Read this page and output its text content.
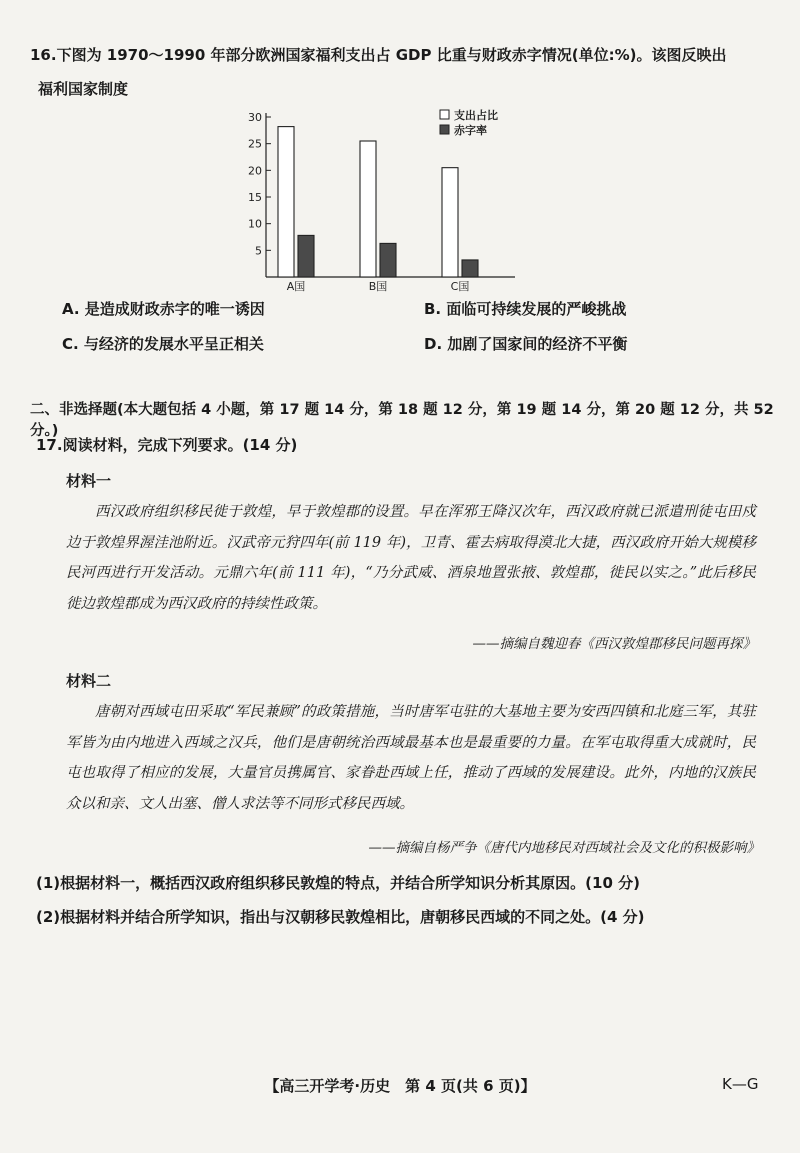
16.下图为 1970～1990 年部分欧洲国家福利支出占 GDP 比重与财政赤字情况(单位:%)。该图反映出
福利国家制度
30
25
20
15
10
5
A国	B国	C国
支出占比
赤字率
A. 是造成财政赤字的唯一诱因	B. 面临可持续发展的严峻挑战
C. 与经济的发展水平呈正相关	D. 加剧了国家间的经济不平衡
二、非选择题(本大题包括 4 小题，第 17 题 14 分，第 18 题 12 分，第 19 题 14 分，第 20 题 12 分，共 52 分。)
17.阅读材料，完成下列要求。(14 分)
材料一
西汉政府组织移民徙于敦煌，早于敦煌郡的设置。早在浑邪王降汉次年，西汉政府就已派遣刑徒屯田戍边于敦煌界渥洼池附近。汉武帝元狩四年(前 119 年)，卫青、霍去病取得漠北大捷，西汉政府开始大规模移民河西进行开发活动。元鼎六年(前 111 年)，“乃分武威、酒泉地置张掖、敦煌郡，徙民以实之。”此后移民徙边敦煌郡成为西汉政府的持续性政策。
——摘编自魏迎春《西汉敦煌郡移民问题再探》
材料二
唐朝对西域屯田采取“军民兼顾”的政策措施，当时唐军屯驻的大基地主要为安西四镇和北庭三军，其驻军皆为由内地进入西域之汉兵，他们是唐朝统治西域最基本也是最重要的力量。在军屯取得重大成就时，民屯也取得了相应的发展，大量官员携属官、家眷赴西域上任，推动了西域的发展建设。此外，内地的汉族民众以和亲、文人出塞、僧人求法等不同形式移民西域。
——摘编自杨严争《唐代内地移民对西域社会及文化的积极影响》
(1)根据材料一，概括西汉政府组织移民敦煌的特点，并结合所学知识分析其原因。(10 分)
(2)根据材料并结合所学知识，指出与汉朝移民敦煌相比，唐朝移民西域的不同之处。(4 分)
【高三开学考·历史　第 4 页(共 6 页)】	K—G
